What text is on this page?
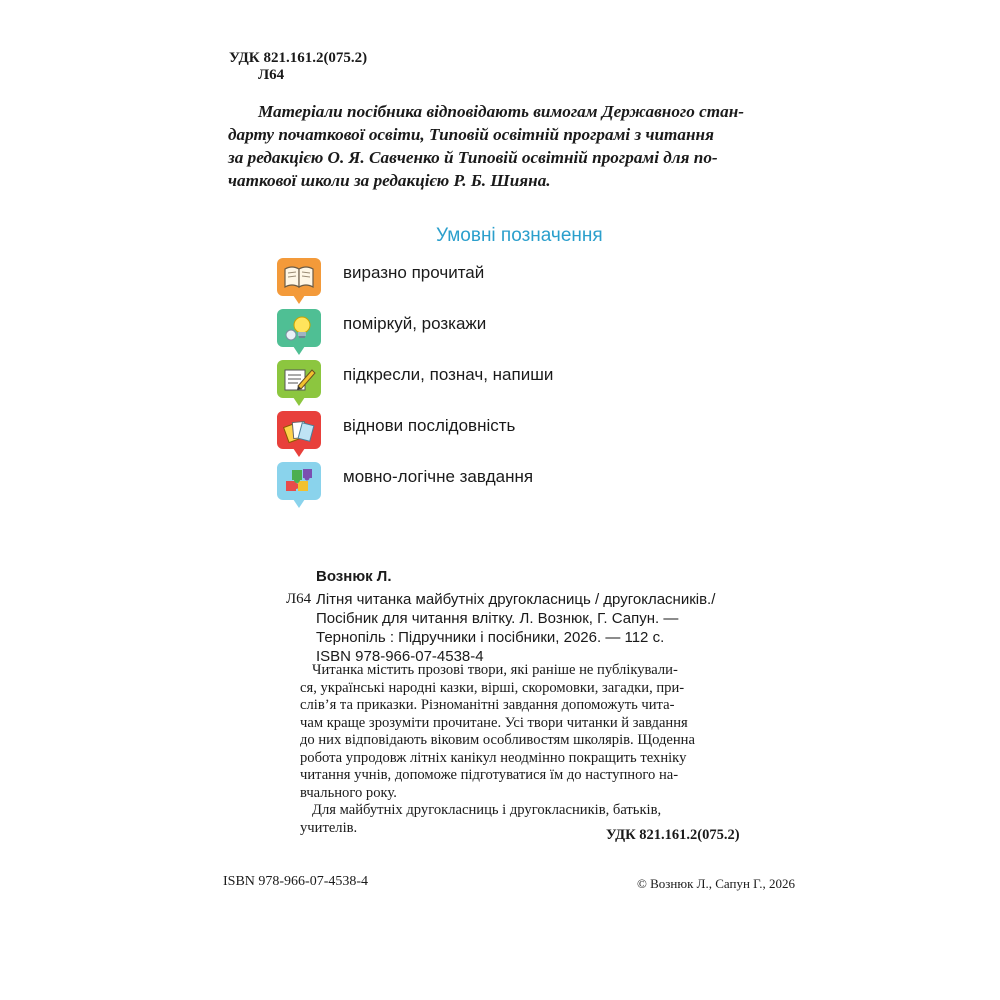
УДК 821.161.2(075.2)
Л64

Матеріали посібника відповідають вимогам Державного стан-
дарту початкової освіти, Типовій освітній програмі з читання
за редакцією О. Я. Савченко й Типовій освітній програмі для по-
чаткової школи за редакцією Р. Б. Шияна.

Умовні позначення
виразно прочитай
поміркуй, розкажи
підкресли, познач, напиши
віднови послідовність
мовно-логічне завдання
Вознюк Л.
Л64 Літня читанка майбутніх другокласниць / другокласників./
Посібник для читання влітку. Л. Вознюк, Г. Сапун. —
Тернопіль : Підручники і посібники, 2026. — 112 с.
ISBN 978-966-07-4538-4

Читанка містить прозові твори, які раніше не публікували-
ся, українські народні казки, вірші, скоромовки, загадки, при-
слів’я та приказки. Різноманітні завдання допоможуть чита-
чам краще зрозуміти прочитане. Усі твори читанки й завдання
до них відповідають віковим особливостям школярів. Щоденна
робота упродовж літніх канікул неодмінно покращить техніку
читання учнів, допоможе підготуватися їм до наступного на-
вчального року.
Для майбутніх другокласниць і другокласників, батьків,
учителів.	УДК 821.161.2(075.2)
ISBN 978-966-07-4538-4	© Вознюк Л., Сапун Г., 2026
